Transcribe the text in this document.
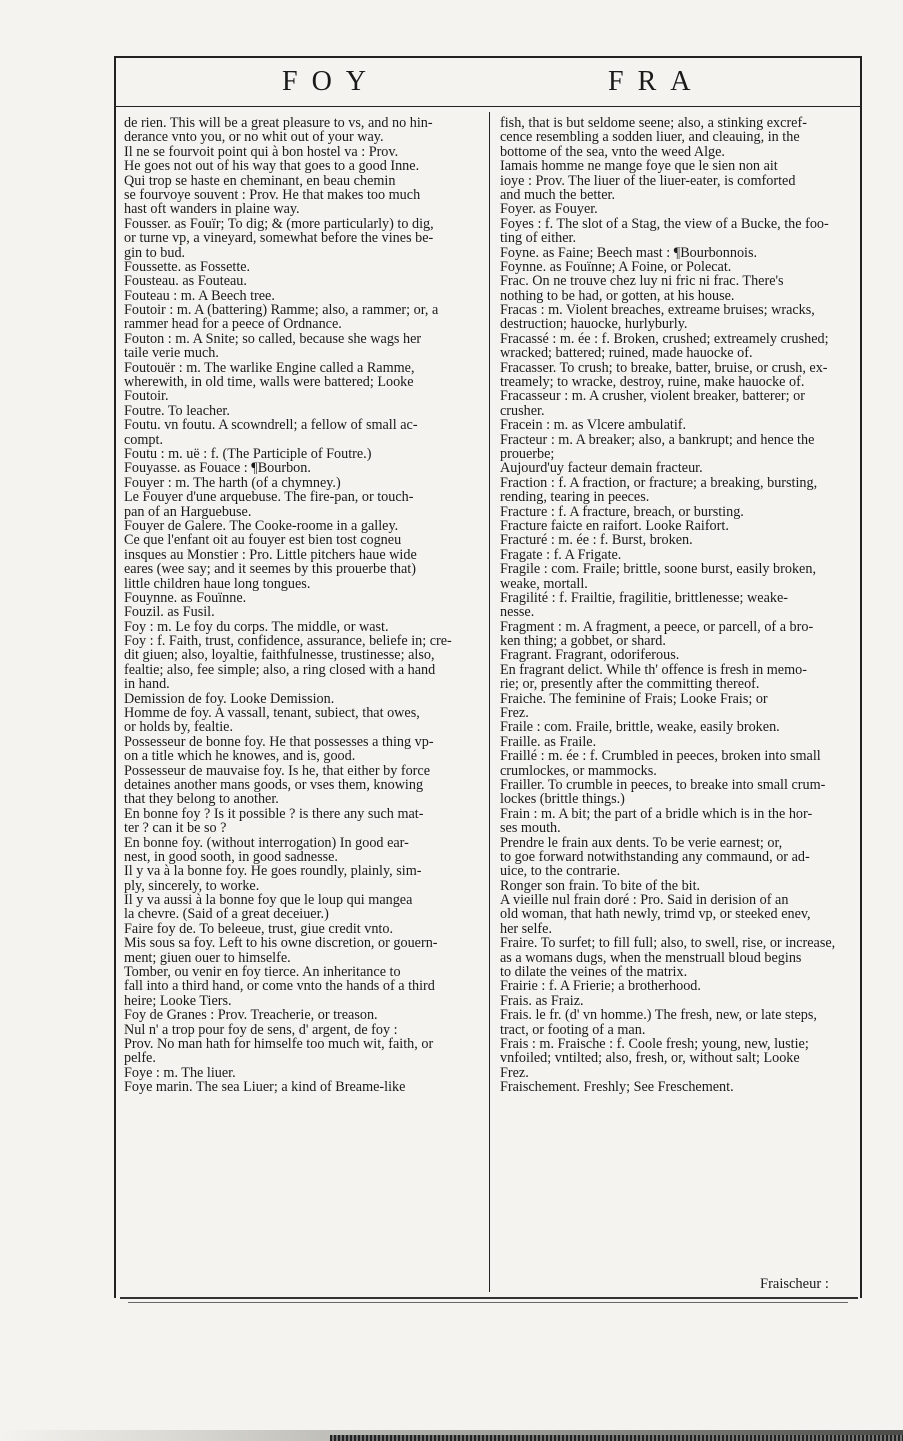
FOY	FRA
de rien. This will be a great pleasure to vs, and no hin-
derance vnto you, or no whit out of your way.
Il ne se fourvoit point qui à bon hostel va : Prov.
He goes not out of his way that goes to a good Inne.
Qui trop se haste en cheminant, en beau chemin
se fourvoye souvent : Prov. He that makes too much
hast oft wanders in plaine way.
Fousser. as Fouïr; To dig; & (more particularly) to dig,
or turne vp, a vineyard, somewhat before the vines be-
gin to bud.
Foussette. as Fossette.
Fousteau. as Fouteau.
Fouteau : m. A Beech tree.
Foutoir : m. A (battering) Ramme; also, a rammer; or, a
rammer head for a peece of Ordnance.
Fouton : m. A Snite; so called, because she wags her
taile verie much.
Foutouër : m. The warlike Engine called a Ramme,
wherewith, in old time, walls were battered; Looke
Foutoir.
Foutre. To leacher.
Foutu. vn foutu. A scowndrell; a fellow of small ac-
compt.
Foutu : m. uë : f. (The Participle of Foutre.)
Fouyasse. as Fouace : ¶Bourbon.
Fouyer : m. The harth (of a chymney.)
Le Fouyer d'une arquebuse. The fire-pan, or touch-
pan of an Harguebuse.
Fouyer de Galere. The Cooke-roome in a galley.
Ce que l'enfant oit au fouyer est bien tost cogneu
insques au Monstier : Pro. Little pitchers haue wide
eares (wee say; and it seemes by this prouerbe that)
little children haue long tongues.
Fouynne. as Fouïnne.
Fouzil. as Fusil.
Foy : m. Le foy du corps. The middle, or wast.
Foy : f. Faith, trust, confidence, assurance, beliefe in; cre-
dit giuen; also, loyaltie, faithfulnesse, trustinesse; also,
fealtie; also, fee simple; also, a ring closed with a hand
in hand.
Demission de foy. Looke Demission.
Homme de foy. A vassall, tenant, subiect, that owes,
or holds by, fealtie.
Possesseur de bonne foy. He that possesses a thing vp-
on a title which he knowes, and is, good.
Possesseur de mauvaise foy. Is he, that either by force
detaines another mans goods, or vses them, knowing
that they belong to another.
En bonne foy ? Is it possible ? is there any such mat-
ter ? can it be so ?
En bonne foy. (without interrogation) In good ear-
nest, in good sooth, in good sadnesse.
Il y va à la bonne foy. He goes roundly, plainly, sim-
ply, sincerely, to worke.
Il y va aussi à la bonne foy que le loup qui mangea
la chevre. (Said of a great deceiuer.)
Faire foy de. To beleeue, trust, giue credit vnto.
Mis sous sa foy. Left to his owne discretion, or gouern-
ment; giuen ouer to himselfe.
Tomber, ou venir en foy tierce. An inheritance to
fall into a third hand, or come vnto the hands of a third
heire; Looke Tiers.
Foy de Granes : Prov. Treacherie, or treason.
Nul n' a trop pour foy de sens, d' argent, de foy :
Prov. No man hath for himselfe too much wit, faith, or
pelfe.
Foye : m. The liuer.
Foye marin. The sea Liuer; a kind of Breame-like
fish, that is but seldome seene; also, a stinking excref-
cence resembling a sodden liuer, and cleauing, in the
bottome of the sea, vnto the weed Alge.
Iamais homme ne mange foye que le sien non ait
ioye : Prov. The liuer of the liuer-eater, is comforted
and much the better.
Foyer. as Fouyer.
Foyes : f. The slot of a Stag, the view of a Bucke, the foo-
ting of either.
Foyne. as Faine; Beech mast : ¶Bourbonnois.
Foynne. as Fouïnne; A Foine, or Polecat.
Frac. On ne trouve chez luy ni fric ni frac. There's
nothing to be had, or gotten, at his house.
Fracas : m. Violent breaches, extreame bruises; wracks,
destruction; hauocke, hurlyburly.
Fracassé : m. ée : f. Broken, crushed; extreamely crushed;
wracked; battered; ruined, made hauocke of.
Fracasser. To crush; to breake, batter, bruise, or crush, ex-
treamely; to wracke, destroy, ruine, make hauocke of.
Fracasseur : m. A crusher, violent breaker, batterer; or
crusher.
Fracein : m. as Vlcere ambulatif.
Fracteur : m. A breaker; also, a bankrupt; and hence the
prouerbe;
Aujourd'uy facteur demain fracteur.
Fraction : f. A fraction, or fracture; a breaking, bursting,
rending, tearing in peeces.
Fracture : f. A fracture, breach, or bursting.
Fracture faicte en raifort. Looke Raifort.
Fracturé : m. ée : f. Burst, broken.
Fragate : f. A Frigate.
Fragile : com. Fraile; brittle, soone burst, easily broken,
weake, mortall.
Fragilité : f. Frailtie, fragilitie, brittlenesse; weake-
nesse.
Fragment : m. A fragment, a peece, or parcell, of a bro-
ken thing; a gobbet, or shard.
Fragrant. Fragrant, odoriferous.
En fragrant delict. While th' offence is fresh in memo-
rie; or, presently after the committing thereof.
Fraiche. The feminine of Frais; Looke Frais; or
Frez.
Fraile : com. Fraile, brittle, weake, easily broken.
Fraille. as Fraile.
Fraillé : m. ée : f. Crumbled in peeces, broken into small
crumlockes, or mammocks.
Frailler. To crumble in peeces, to breake into small crum-
lockes (brittle things.)
Frain : m. A bit; the part of a bridle which is in the hor-
ses mouth.
Prendre le frain aux dents. To be verie earnest; or,
to goe forward notwithstanding any commaund, or ad-
uice, to the contrarie.
Ronger son frain. To bite of the bit.
A vieille nul frain doré : Pro. Said in derision of an
old woman, that hath newly, trimd vp, or steeked enev,
her selfe.
Fraire. To surfet; to fill full; also, to swell, rise, or increase,
as a womans dugs, when the menstruall bloud begins
to dilate the veines of the matrix.
Frairie : f. A Frierie; a brotherhood.
Frais. as Fraiz.
Frais. le fr. (d' vn homme.) The fresh, new, or late steps,
tract, or footing of a man.
Frais : m. Fraische : f. Coole fresh; young, new, lustie;
vnfoiled; vntilted; also, fresh, or, without salt; Looke
Frez.
Fraischement. Freshly; See Freschement.
Fraischeur :
